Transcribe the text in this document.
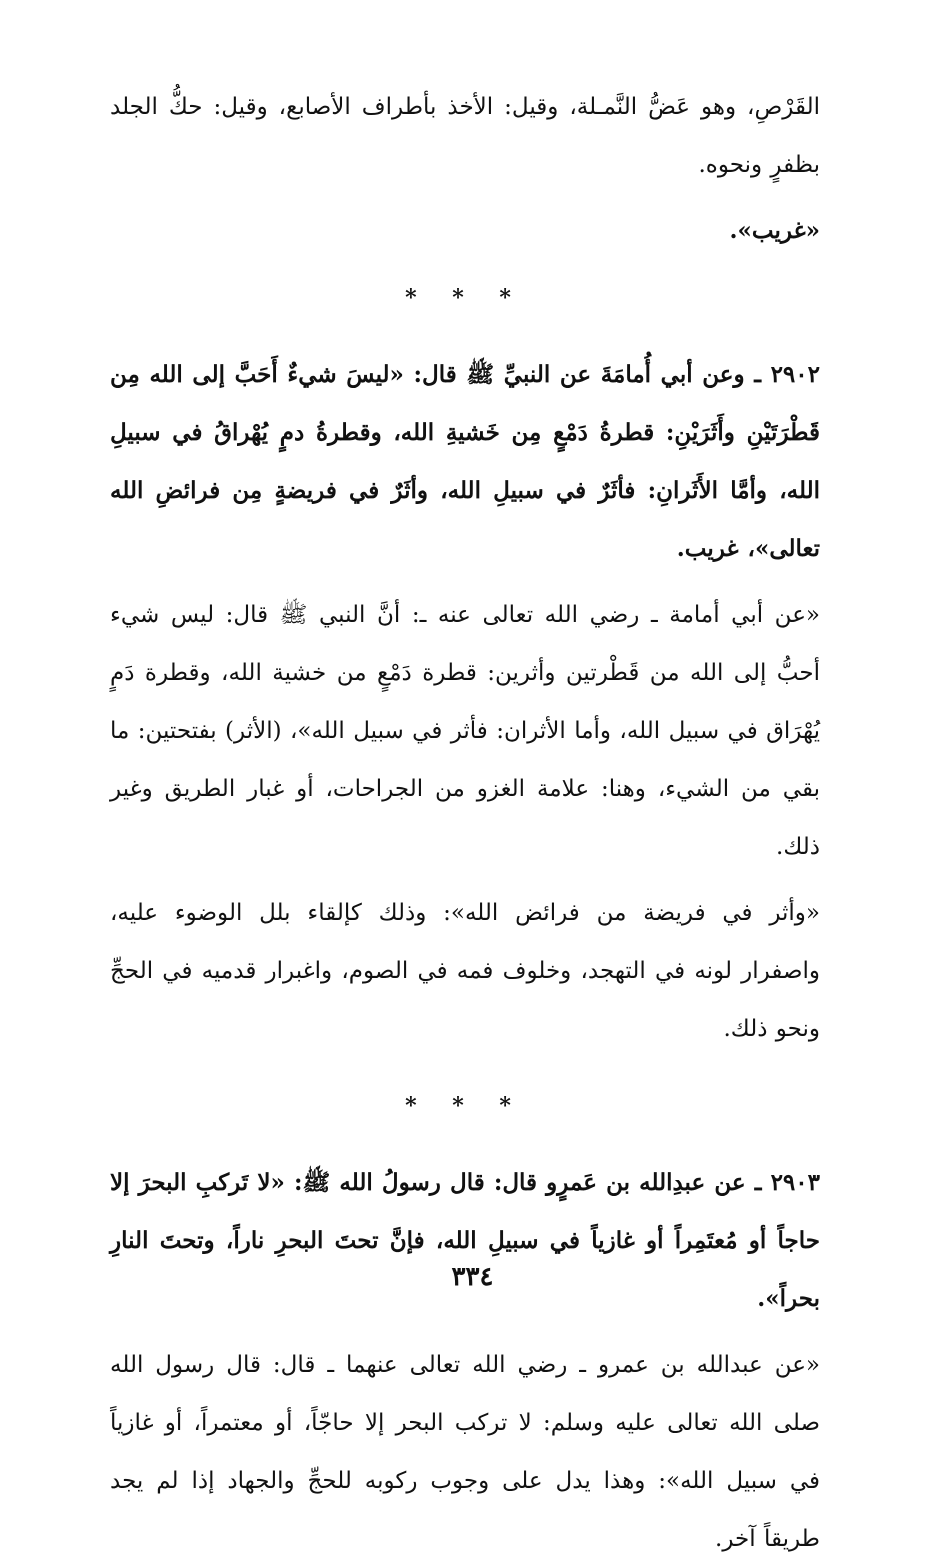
القَرْصِ، وهو عَضُّ النَّمـلة، وقيل: الأخذ بأطراف الأصابع، وقيل: حكُّ الجلد بظفرٍ ونحوه.

«غريب».

* * *

٢٩٠٢ ـ وعن أبي أُمامَةَ عن النبيِّ ﷺ قال: «ليسَ شيءٌ أَحَبَّ إلى الله مِن قَطْرَتَيْنِ وأَثَرَيْنِ: قطرةُ دَمْعٍ مِن خَشيةِ الله، وقطرةُ دمٍ يُهْراقُ في سبيلِ الله، وأمَّا الأَثَرانِ: فأثَرٌ في سبيلِ الله، وأثَرٌ في فريضةٍ مِن فرائضِ الله تعالى»، غريب.

«عن أبي أمامة ـ رضي الله تعالى عنه ـ: أنَّ النبي ﷺ قال: ليس شيء أحبُّ إلى الله من قَطْرتين وأثرين: قطرة دَمْعٍ من خشية الله، وقطرة دَمٍ يُهْرَاق في سبيل الله، وأما الأثران: فأثر في سبيل الله»، (الأثر) بفتحتين: ما بقي من الشيء، وهنا: علامة الغزو من الجراحات، أو غبار الطريق وغير ذلك.

«وأثر في فريضة من فرائض الله»: وذلك كإلقاء بلل الوضوء عليه، واصفرار لونه في التهجد، وخلوف فمه في الصوم، واغبرار قدميه في الحجِّ ونحو ذلك.

* * *

٢٩٠٣ ـ عن عبدِالله بن عَمرٍو قال: قال رسولُ الله ﷺ: «لا تَركبِ البحرَ إلا حاجاً أو مُعتَمِراً أو غازياً في سبيلِ الله، فإنَّ تحتَ البحرِ ناراً، وتحتَ النارِ بحراً».

«عن عبدالله بن عمرو ـ رضي الله تعالى عنهما ـ قال: قال رسول الله صلى الله تعالى عليه وسلم: لا تركب البحر إلا حاجّاً، أو معتمراً، أو غازياً في سبيل الله»: وهذا يدل على وجوب ركوبه للحجِّ والجهاد إذا لم يجد طريقاً آخر.

٣٣٤
